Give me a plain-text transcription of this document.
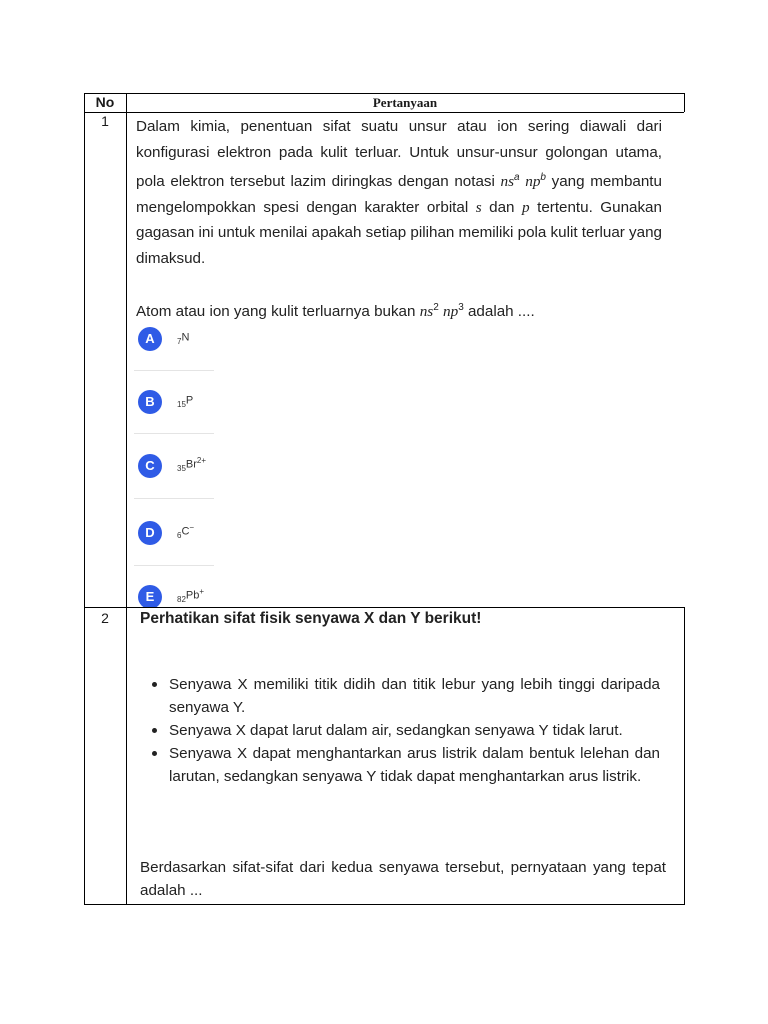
No	Pertanyaan
1	Dalam kimia, penentuan sifat suatu unsur atau ion sering diawali dari konfigurasi elektron pada kulit terluar. Untuk unsur-unsur golongan utama, pola elektron tersebut lazim diringkas dengan notasi $ns^a$ $np^b$ yang membantu mengelompokkan spesi dengan karakter orbital s dan p tertentu. Gunakan gagasan ini untuk menilai apakah setiap pilihan memiliki pola kulit terluar yang dimaksud.
Atom atau ion yang kulit terluarnya bukan $ns^2$ $np^3$ adalah ....
A	$_7$N
B	$_{15}$P
C	$_{35}Br^{2+}$
D	$_6$C−
E	$_{82}$Pb+
2	Perhatikan sifat fisik senyawa X dan Y berikut!
Senyawa X memiliki titik didih dan titik lebur yang lebih tinggi daripada senyawa Y.
Senyawa X dapat larut dalam air, sedangkan senyawa Y tidak larut.
Senyawa X dapat menghantarkan arus listrik dalam bentuk lelehan dan larutan, sedangkan senyawa Y tidak dapat menghantarkan arus listrik.
Berdasarkan sifat-sifat dari kedua senyawa tersebut, pernyataan yang tepat adalah ...
